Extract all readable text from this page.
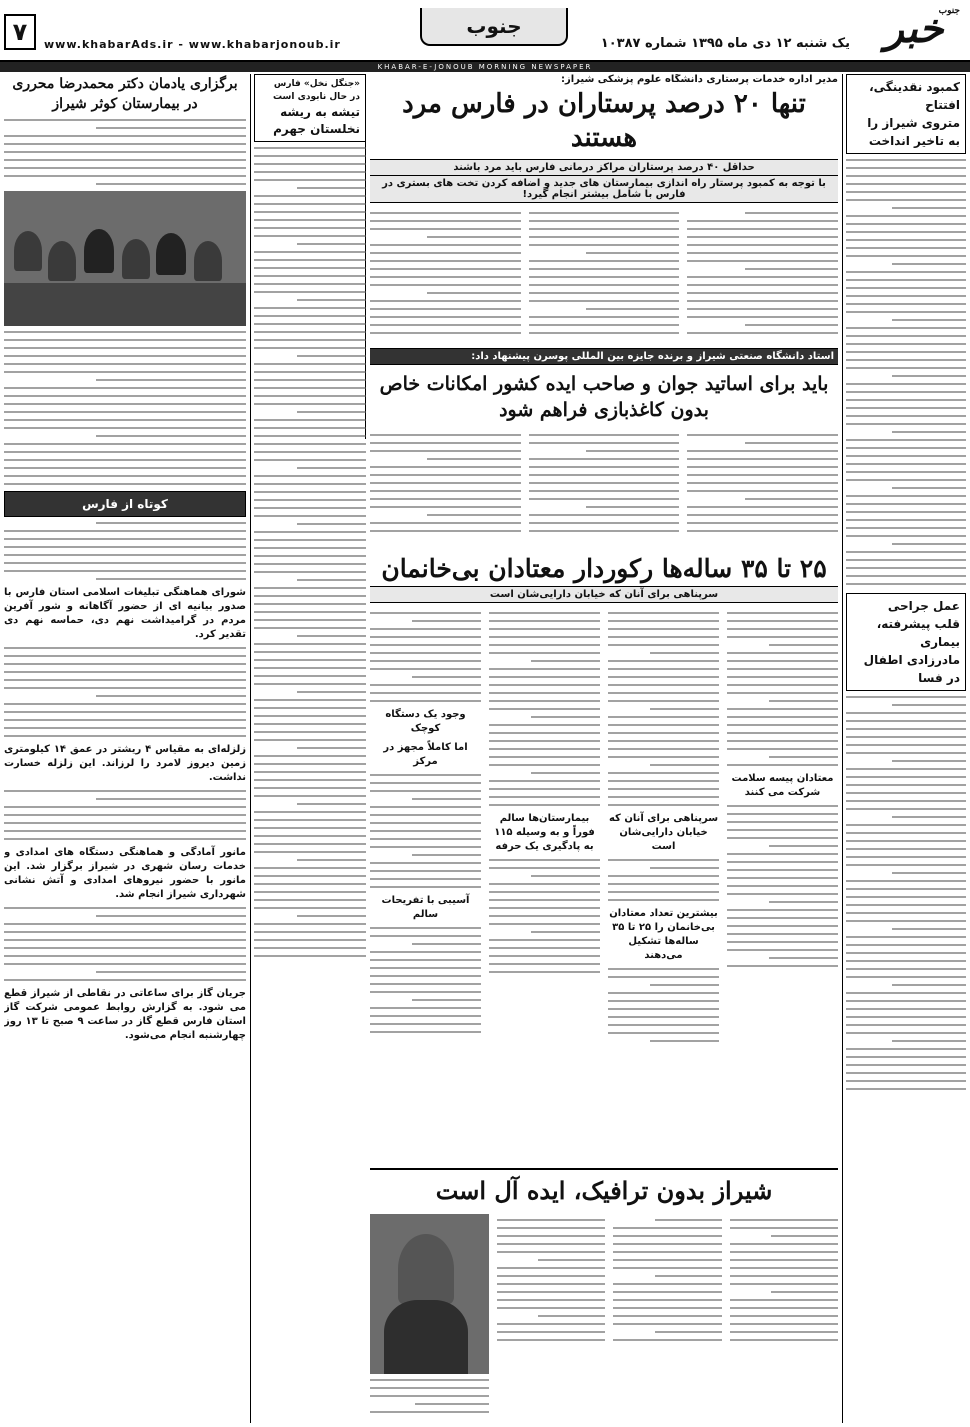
خبر
جنوب
یک شنبه ۱۲ دی ماه ۱۳۹۵ شماره ۱۰۳۸۷
جنوب
www.khabarAds.ir - www.khabarjonoub.ir
۷
KHABAR-E-JONOUB MORNING NEWSPAPER
کمبود نقدینگی، افتتاح
متروی شیراز را
به تاخیر انداخت
عمل جراحی
قلب پیشرفته، بیماری
مادرزادی اطفال در فسا
مدیر اداره خدمات پرستاری دانشگاه علوم پزشکی شیراز:
تنها ۲۰ درصد پرستاران در فارس مرد هستند
حداقل ۴۰ درصد پرستاران مراکز درمانی فارس باید مرد باشند
با توجه به کمبود پرستار راه اندازی بیمارستان های جدید و اضافه کردن تخت های بستری در فارس با شامل بیشتر انجام گیرد!
استاد دانشگاه صنعتی شیراز و برنده جایزه بین المللی پوسرن پیشنهاد داد:
باید برای اساتید جوان و صاحب ایده کشور امکانات خاص بدون کاغذبازی فراهم شود
۲۵ تا ۳۵ ساله‌ها رکوردار معتادان بی‌خانمان
سرپناهی برای آنان که خیابان دارایی‌شان است
معتادان پیسه سلامت شرکت می کنند
سرپناهی برای آنان که خیابان دارایی‌شان است
بیشترین تعداد معتادان بی‌خانمان را ۲۵ تا ۳۵ ساله‌ها تشکیل می‌دهند
بیمارستان‌ها سالم فوراً و به وسیله ۱۱۵ به پادگیری یک حرفه
وجود یک دستگاه کوچک
اما کاملاً مجهز در مرکز
آسیبی با تفریحات سالم
شیراز بدون ترافیک، ایده آل است
«جنگل نخل» فارس
در حال نابودی است
تیشه به ریشه
نخلستان جهرم
برگزاری یادمان دکتر محمدرضا محرری در بیمارستان کوثر شیراز
کوتاه از فارس
شورای هماهنگی تبلیغات اسلامی استان فارس با صدور بیانیه ای از حضور آگاهانه و شور آفرین مردم در گرامیداشت نهم دی، حماسه نهم دی تقدیر کرد.
زلزله‌ای به مقیاس ۴ ریشتر در عمق ۱۴ کیلومتری زمین دیروز لامرد را لرزاند. این زلزله خسارت نداشت.
مانور آمادگی و هماهنگی دستگاه های امدادی و خدمات رسان شهری در شیراز برگزار شد. این مانور با حضور نیروهای امدادی و آتش نشانی شهرداری شیراز انجام شد.
جریان گاز برای ساعاتی در نقاطی از شیراز قطع می شود. به گزارش روابط عمومی شرکت گاز استان فارس قطع گاز در ساعت ۹ صبح تا ۱۳ روز چهارشنبه انجام می‌شود.
